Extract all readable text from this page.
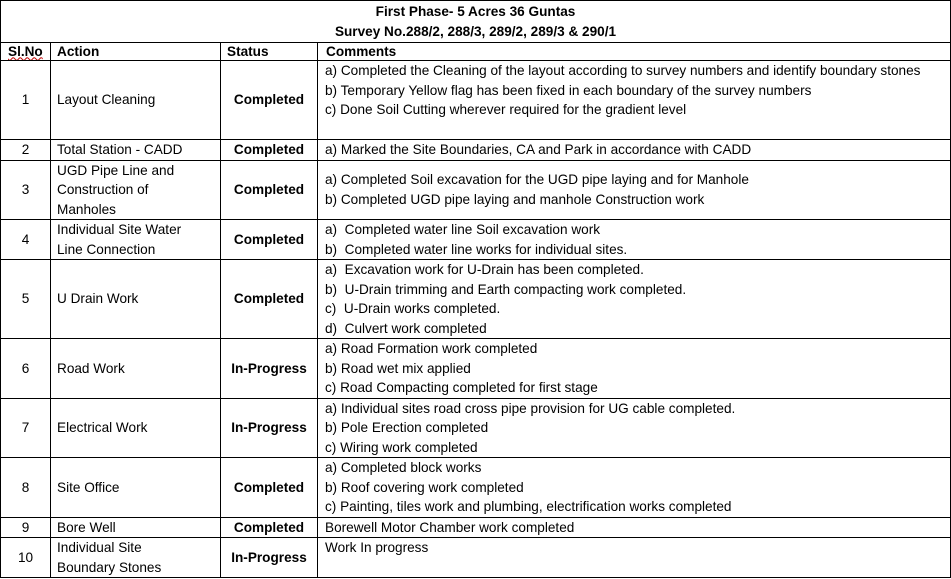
First Phase- 5 Acres 36 Guntas
Survey No.288/2, 288/3, 289/2, 289/3 & 290/1			

Sl.No	Action	Status	Comments
1	Layout Cleaning	Completed	a) Completed the Cleaning of the layout according to survey numbers and identify boundary stones
b) Temporary Yellow flag has been fixed in each boundary of the survey numbers
c) Done Soil Cutting wherever required for the gradient level

2	Total Station - CADD	Completed	a) Marked the Site Boundaries, CA and Park in accordance with CADD

3	UGD Pipe Line and Construction of Manholes	Completed	a) Completed Soil excavation for the UGD pipe laying and for Manhole
b) Completed UGD pipe laying and manhole Construction work

4	Individual Site Water Line Connection	Completed	a)  Completed water line Soil excavation work
b)  Completed water line works for individual sites.

5	U Drain Work	Completed	a)  Excavation work for U-Drain has been completed.
b)  U-Drain trimming and Earth compacting work completed.
c)  U-Drain works completed.
d)  Culvert work completed

6	Road Work	In-Progress	a) Road Formation work completed
b) Road wet mix applied
c) Road Compacting completed for first stage

7	Electrical Work	In-Progress	a) Individual sites road cross pipe provision for UG cable completed.
b) Pole Erection completed
c) Wiring work completed

8	Site Office	Completed	a) Completed block works
b) Roof covering work completed
c) Painting, tiles work and plumbing, electrification works completed

9	Bore Well	Completed	Borewell Motor Chamber work completed

10	Individual Site Boundary Stones	In-Progress	Work In progress
